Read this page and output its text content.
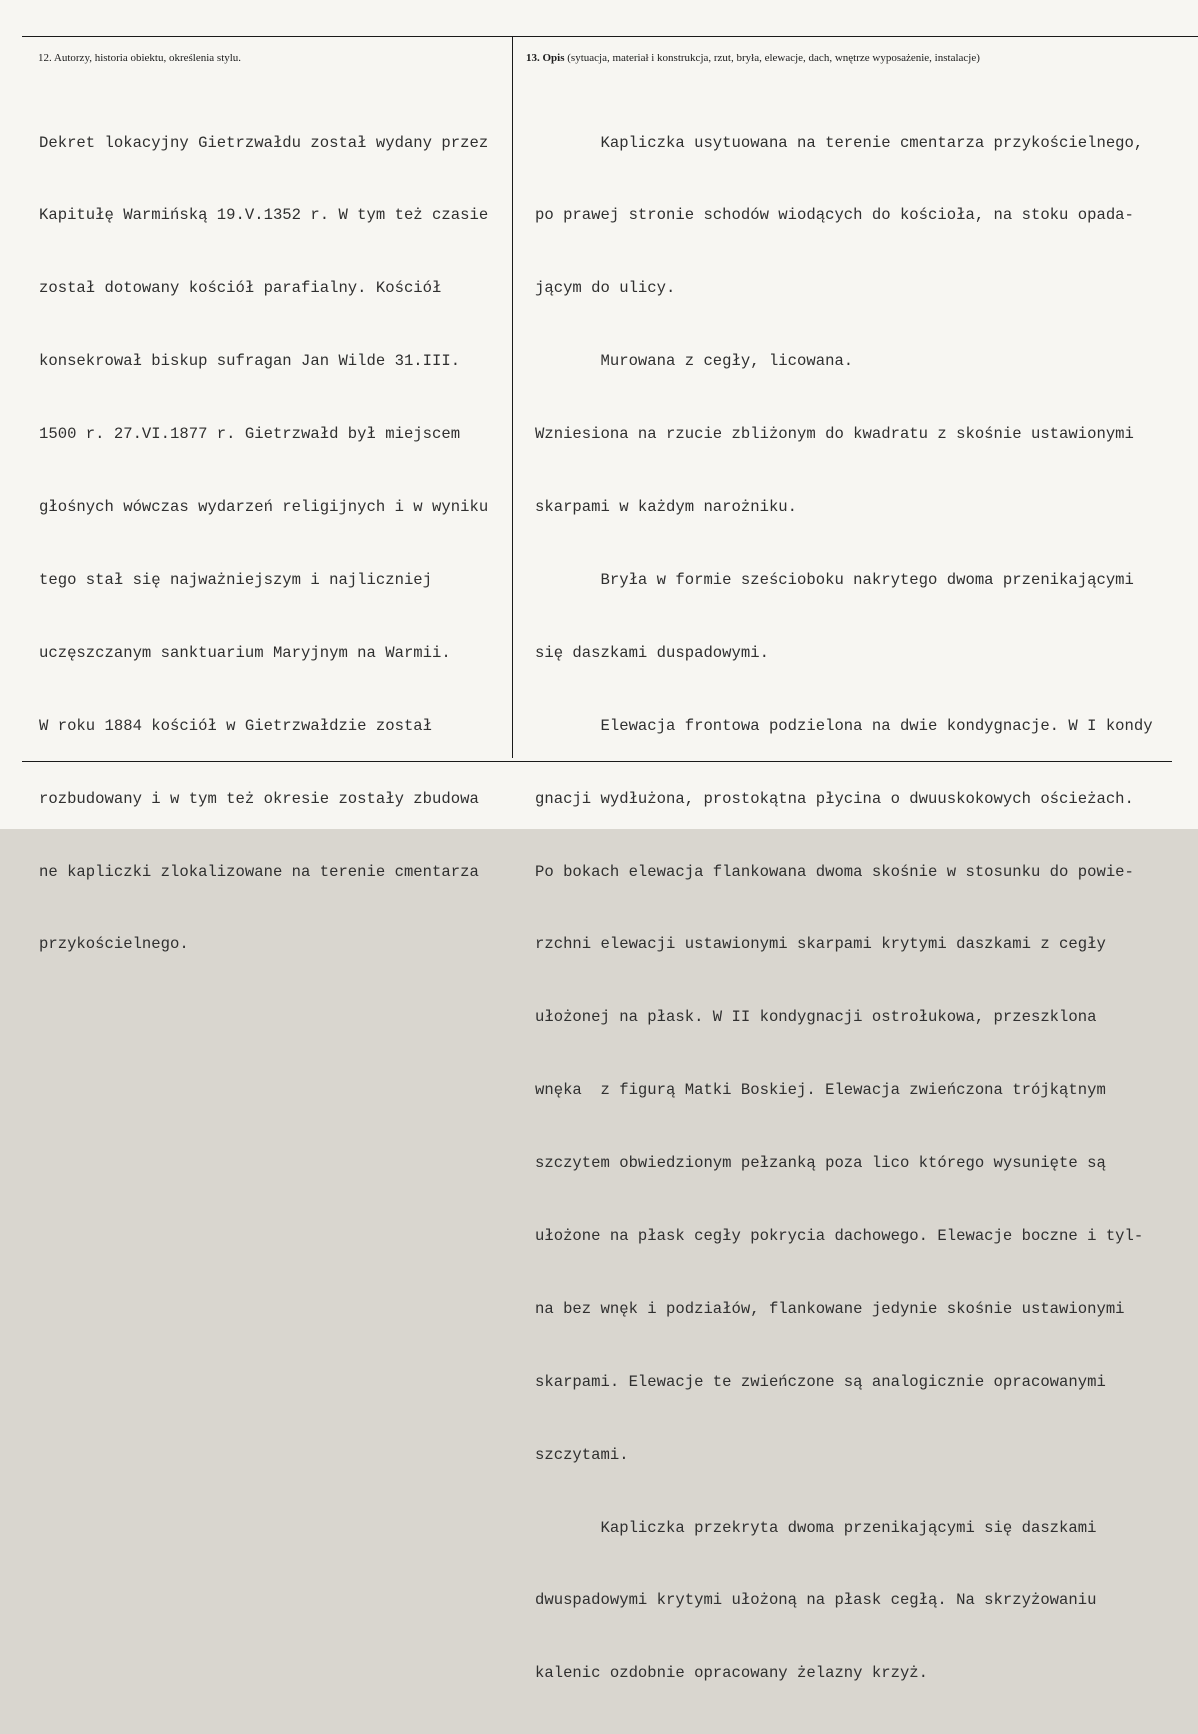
12. Autorzy, historia obiektu, określenia stylu.	13. Opis (sytuacja, materiał i konstrukcja, rzut, bryła, elewacje, dach, wnętrze wyposażenie, instalacje)

Dekret lokacyjny Gietrzwałdu został wydany przez

Kapitułę Warmińską 19.V.1352 r. W tym też czasie

został dotowany kościół parafialny. Kościół

konsekrował biskup sufragan Jan Wilde 31.III.

1500 r. 27.VI.1877 r. Gietrzwałd był miejscem

głośnych wówczas wydarzeń religijnych i w wyniku

tego stał się najważniejszym i najliczniej

uczęszczanym sanktuarium Maryjnym na Warmii.

W roku 1884 kościół w Gietrzwałdzie został

rozbudowany i w tym też okresie zostały zbudowa

ne kapliczki zlokalizowane na terenie cmentarza

przykościelnego.

Kapliczka usytuowana na terenie cmentarza przykościelnego,

po prawej stronie schodów wiodących do kościoła, na stoku opada-

jącym do ulicy.

Murowana z cegły, licowana.

Wzniesiona na rzucie zbliżonym do kwadratu z skośnie ustawionymi

skarpami w każdym narożniku.

Bryła w formie sześcioboku nakrytego dwoma przenikającymi

się daszkami duspadowymi.

Elewacja frontowa podzielona na dwie kondygnacje. W I kondy

gnacji wydłużona, prostokątna płycina o dwuuskokowych ościeżach.

Po bokach elewacja flankowana dwoma skośnie w stosunku do powie-

rzchni elewacji ustawionymi skarpami krytymi daszkami z cegły

ułożonej na płask. W II kondygnacji ostrołukowa, przeszklona

wnęka  z figurą Matki Boskiej. Elewacja zwieńczona trójkątnym

szczytem obwiedzionym pełzanką poza lico którego wysunięte są

ułożone na płask cegły pokrycia dachowego. Elewacje boczne i tyl-

na bez wnęk i podziałów, flankowane jedynie skośnie ustawionymi

skarpami. Elewacje te zwieńczone są analogicznie opracowanymi

szczytami.

Kapliczka przekryta dwoma przenikającymi się daszkami

dwuspadowymi krytymi ułożoną na płask cegłą. Na skrzyżowaniu

kalenic ozdobnie opracowany żelazny krzyż.
